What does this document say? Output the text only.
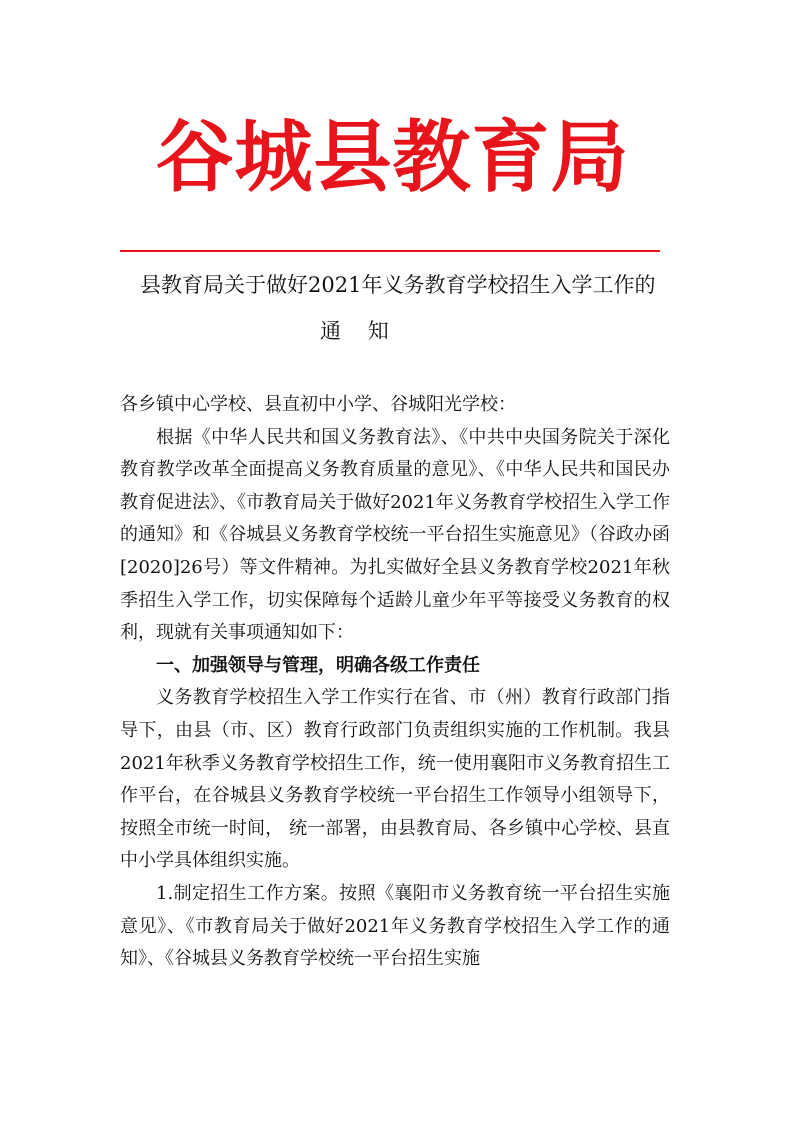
谷城县教育局
县教育局关于做好2021年义务教育学校招生入学工作的
通    知

各乡镇中心学校、县直初中小学、谷城阳光学校：

根据《中华人民共和国义务教育法》、《中共中央国务院关于深化教育教学改革全面提高义务教育质量的意见》、《中华人民共和国民办教育促进法》、《市教育局关于做好2021年义务教育学校招生入学工作的通知》和《谷城县义务教育学校统一平台招生实施意见》（谷政办函[2020]26号）等文件精神。为扎实做好全县义务教育学校2021年秋季招生入学工作，切实保障每个适龄儿童少年平等接受义务教育的权利，现就有关事项通知如下：

一、加强领导与管理，明确各级工作责任

义务教育学校招生入学工作实行在省、市（州）教育行政部门指导下，由县（市、区）教育行政部门负责组织实施的工作机制。我县2021年秋季义务教育学校招生工作，统一使用襄阳市义务教育招生工作平台，在谷城县义务教育学校统一平台招生工作领导小组领导下，按照全市统一时间， 统一部署，由县教育局、各乡镇中心学校、县直中小学具体组织实施。

1.制定招生工作方案。按照《襄阳市义务教育统一平台招生实施意见》、《市教育局关于做好2021年义务教育学校招生入学工作的通知》、《谷城县义务教育学校统一平台招生实施
